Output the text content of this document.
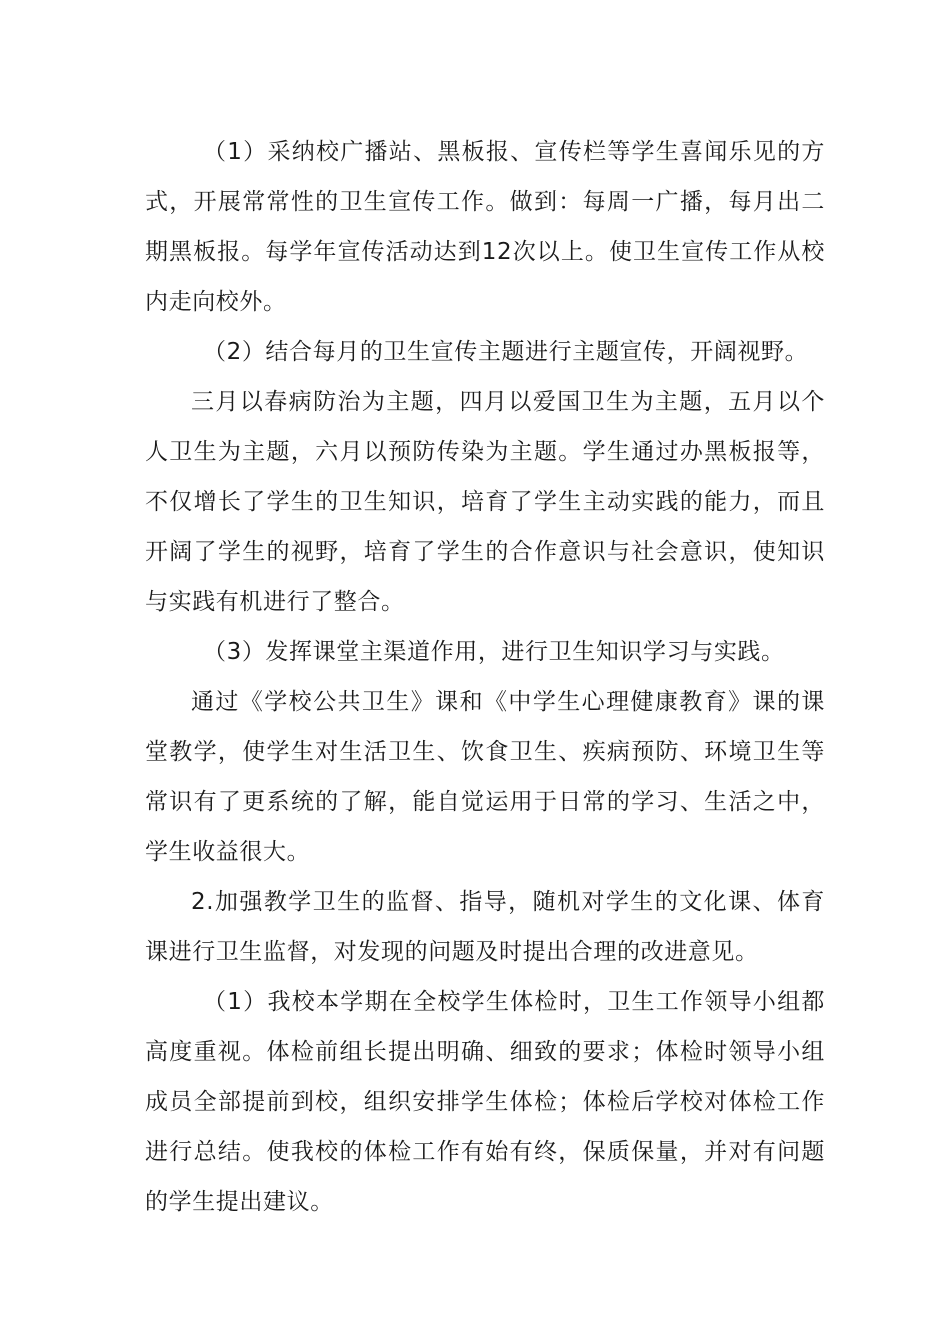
（1）采纳校广播站、黑板报、宣传栏等学生喜闻乐见的方式，开展常常性的卫生宣传工作。做到：每周一广播，每月出二期黑板报。每学年宣传活动达到12次以上。使卫生宣传工作从校内走向校外。

（2）结合每月的卫生宣传主题进行主题宣传，开阔视野。

三月以春病防治为主题，四月以爱国卫生为主题，五月以个人卫生为主题，六月以预防传染为主题。学生通过办黑板报等，不仅增长了学生的卫生知识，培育了学生主动实践的能力，而且开阔了学生的视野，培育了学生的合作意识与社会意识，使知识与实践有机进行了整合。

（3）发挥课堂主渠道作用，进行卫生知识学习与实践。

通过《学校公共卫生》课和《中学生心理健康教育》课的课堂教学，使学生对生活卫生、饮食卫生、疾病预防、环境卫生等常识有了更系统的了解，能自觉运用于日常的学习、生活之中，学生收益很大。

2.加强教学卫生的监督、指导，随机对学生的文化课、体育课进行卫生监督，对发现的问题及时提出合理的改进意见。

（1）我校本学期在全校学生体检时，卫生工作领导小组都高度重视。体检前组长提出明确、细致的要求；体检时领导小组成员全部提前到校，组织安排学生体检；体检后学校对体检工作进行总结。使我校的体检工作有始有终，保质保量，并对有问题的学生提出建议。
